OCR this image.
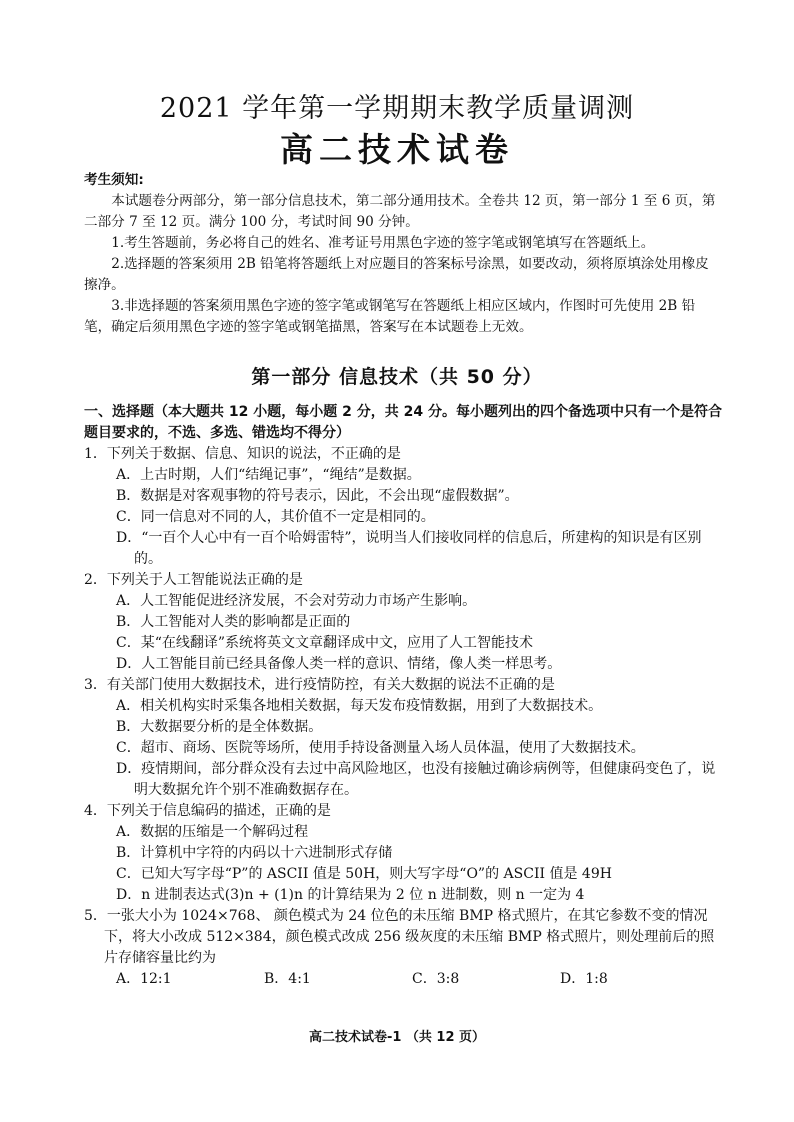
2021 学年第一学期期末教学质量调测
高二技术试卷

考生须知:

本试题卷分两部分，第一部分信息技术，第二部分通用技术。全卷共 12 页，第一部分 1 至 6 页，第二部分 7 至 12 页。满分 100 分，考试时间 90 分钟。

1.考生答题前，务必将自己的姓名、准考证号用黑色字迹的签字笔或钢笔填写在答题纸上。

2.选择题的答案须用 2B 铅笔将答题纸上对应题目的答案标号涂黑，如要改动，须将原填涂处用橡皮擦净。

3.非选择题的答案须用黑色字迹的签字笔或钢笔写在答题纸上相应区域内，作图时可先使用 2B 铅笔，确定后须用黑色字迹的签字笔或钢笔描黑，答案写在本试题卷上无效。

第一部分 信息技术（共 50 分）

一、选择题（本大题共 12 小题，每小题 2 分，共 24 分。每小题列出的四个备选项中只有一个是符合题目要求的，不选、多选、错选均不得分）

1．下列关于数据、信息、知识的说法，不正确的是

A．上古时期，人们“结绳记事”，“绳结”是数据。

B．数据是对客观事物的符号表示，因此，不会出现“虚假数据”。

C．同一信息对不同的人，其价值不一定是相同的。

D．“一百个人心中有一百个哈姆雷特”，说明当人们接收同样的信息后，所建构的知识是有区别的。

2．下列关于人工智能说法正确的是

A．人工智能促进经济发展，不会对劳动力市场产生影响。

B．人工智能对人类的影响都是正面的

C．某“在线翻译”系统将英文文章翻译成中文，应用了人工智能技术

D．人工智能目前已经具备像人类一样的意识、情绪，像人类一样思考。

3．有关部门使用大数据技术，进行疫情防控，有关大数据的说法不正确的是

A．相关机构实时采集各地相关数据，每天发布疫情数据，用到了大数据技术。

B．大数据要分析的是全体数据。

C．超市、商场、医院等场所，使用手持设备测量入场人员体温，使用了大数据技术。

D．疫情期间，部分群众没有去过中高风险地区，也没有接触过确诊病例等，但健康码变色了，说明大数据允许个别不准确数据存在。

4．下列关于信息编码的描述，正确的是

A．数据的压缩是一个解码过程

B．计算机中字符的内码以十六进制形式存储

C．已知大写字母“P”的 ASCII 值是 50H，则大写字母“O”的 ASCII 值是 49H

D．n 进制表达式(3)n + (1)n 的计算结果为 2 位 n 进制数，则 n 一定为 4

5．一张大小为 1024×768、 颜色模式为 24 位色的未压缩 BMP 格式照片，在其它参数不变的情况下，将大小改成 512×384，颜色模式改成 256 级灰度的未压缩 BMP 格式照片，则处理前后的照片存储容量比约为

A．12:1	B．4:1	C．3:8	D．1:8
高二技术试卷-1 （共 12 页）
